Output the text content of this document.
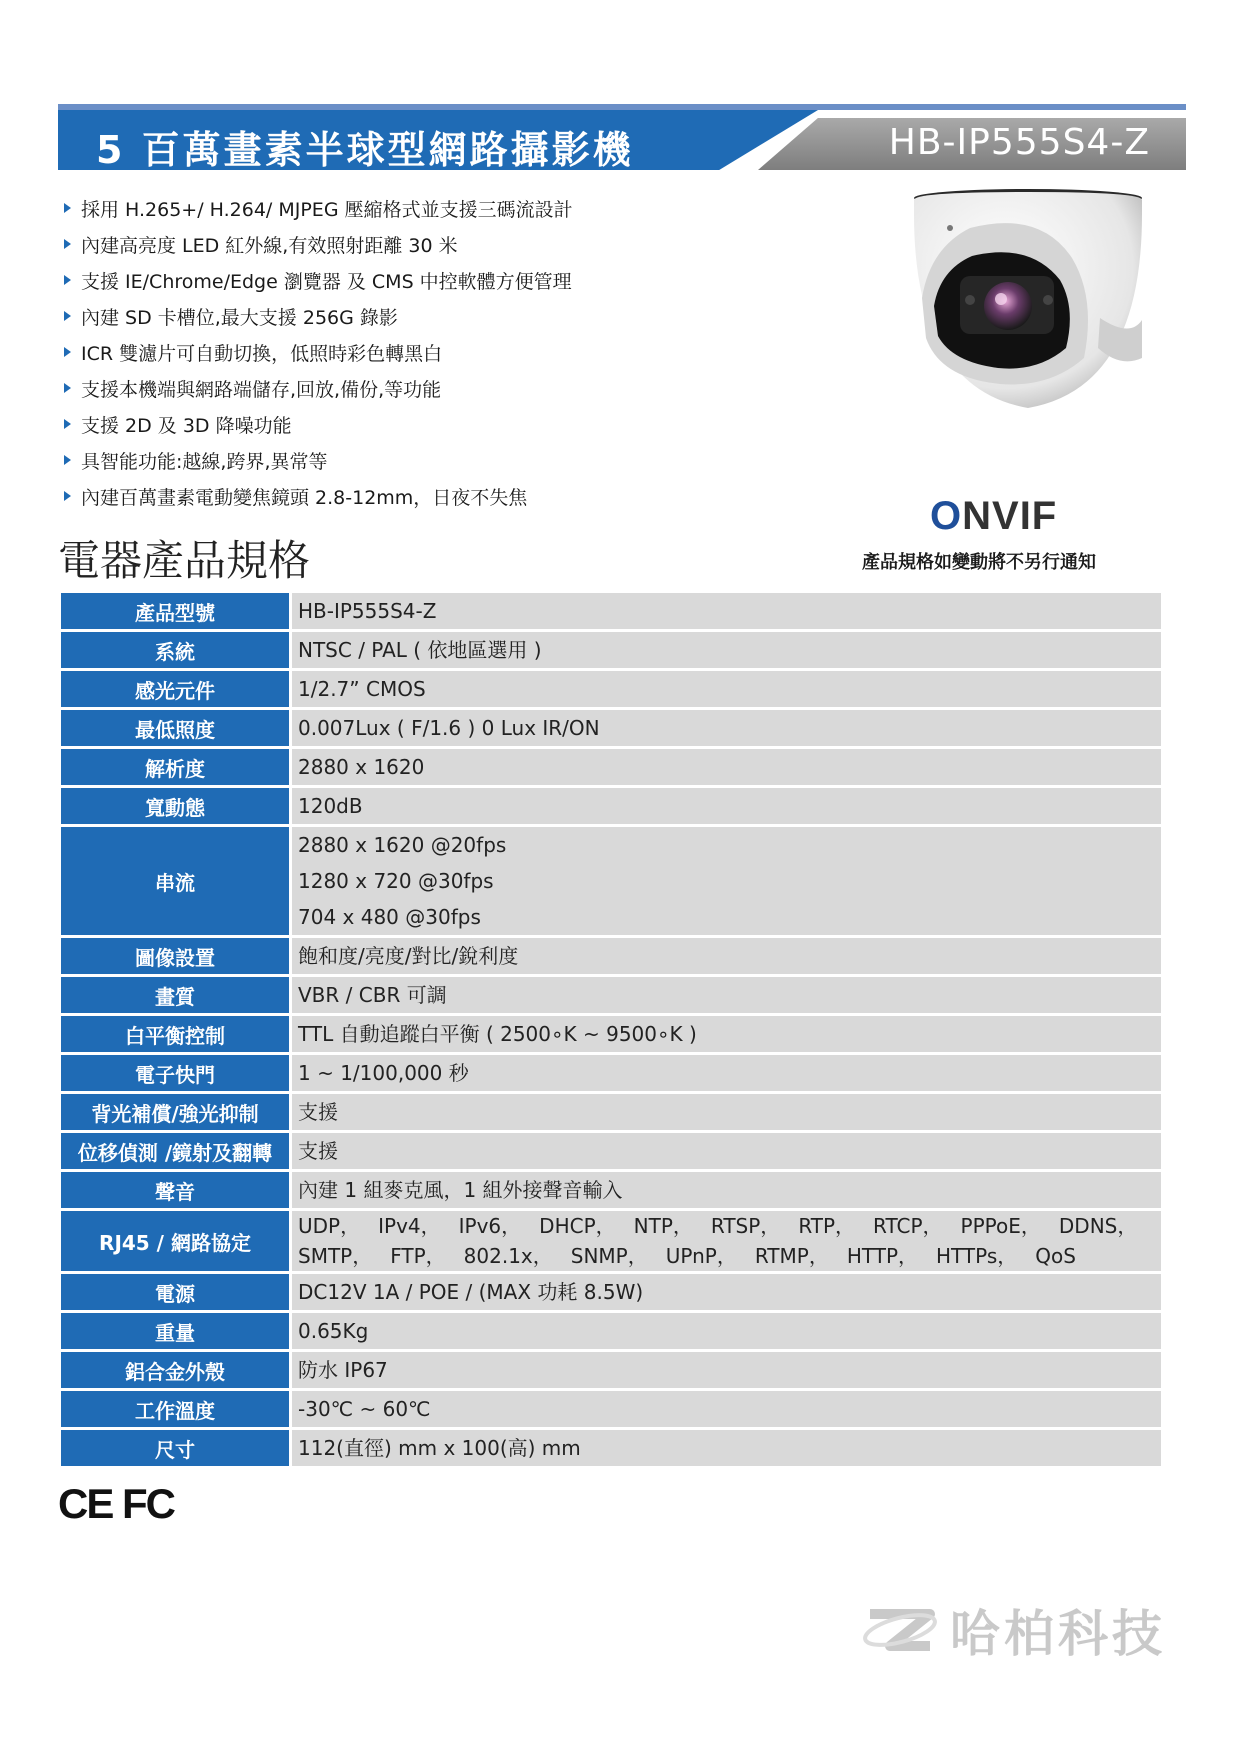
5 百萬畫素半球型網路攝影機	HB-IP555S4-Z
採用 H.265+/ H.264/ MJPEG 壓縮格式並支援三碼流設計
內建高亮度 LED 紅外線,有效照射距離 30 米
支援 IE/Chrome/Edge 瀏覽器 及 CMS 中控軟體方便管理
內建 SD 卡槽位,最大支援 256G 錄影
ICR 雙濾片可自動切換，低照時彩色轉黑白
支援本機端與網路端儲存,回放,備份,等功能
支援 2D 及 3D 降噪功能
具智能功能:越線,跨界,異常等
內建百萬畫素電動變焦鏡頭 2.8-12mm，日夜不失焦
電器產品規格
ONVIF
產品規格如變動將不另行通知
產品型號	HB-IP555S4-Z

系統	NTSC / PAL ( 依地區選用 )

感光元件	1/2.7” CMOS

最低照度	0.007Lux ( F/1.6 ) 0 Lux IR/ON

解析度	2880 x 1620

寬動態	120dB

串流	2880 x 1620 @20fps
1280 x 720 @30fps
704 x 480 @30fps

圖像設置	飽和度/亮度/對比/銳利度

畫質	VBR / CBR 可調

白平衡控制	TTL 自動追蹤白平衡 ( 2500∘K ~ 9500∘K )

電子快門	1 ~ 1/100,000 秒

背光補償/強光抑制	支援

位移偵測 /鏡射及翻轉	支援

聲音	內建 1 組麥克風，1 組外接聲音輸入

RJ45 / 網路協定	UDP， IPv4， IPv6， DHCP， NTP， RTSP， RTP， RTCP， PPPoE， DDNS，
SMTP， FTP， 802.1x， SNMP， UPnP， RTMP， HTTP， HTTPs， QoS

電源	DC12V 1A / POE / (MAX 功耗 8.5W)

重量	0.65Kg

鋁合金外殼	防水 IP67

工作溫度	-30℃ ~ 60℃

尺寸	112(直徑) mm x 100(高) mm
CE FC
哈柏科技
